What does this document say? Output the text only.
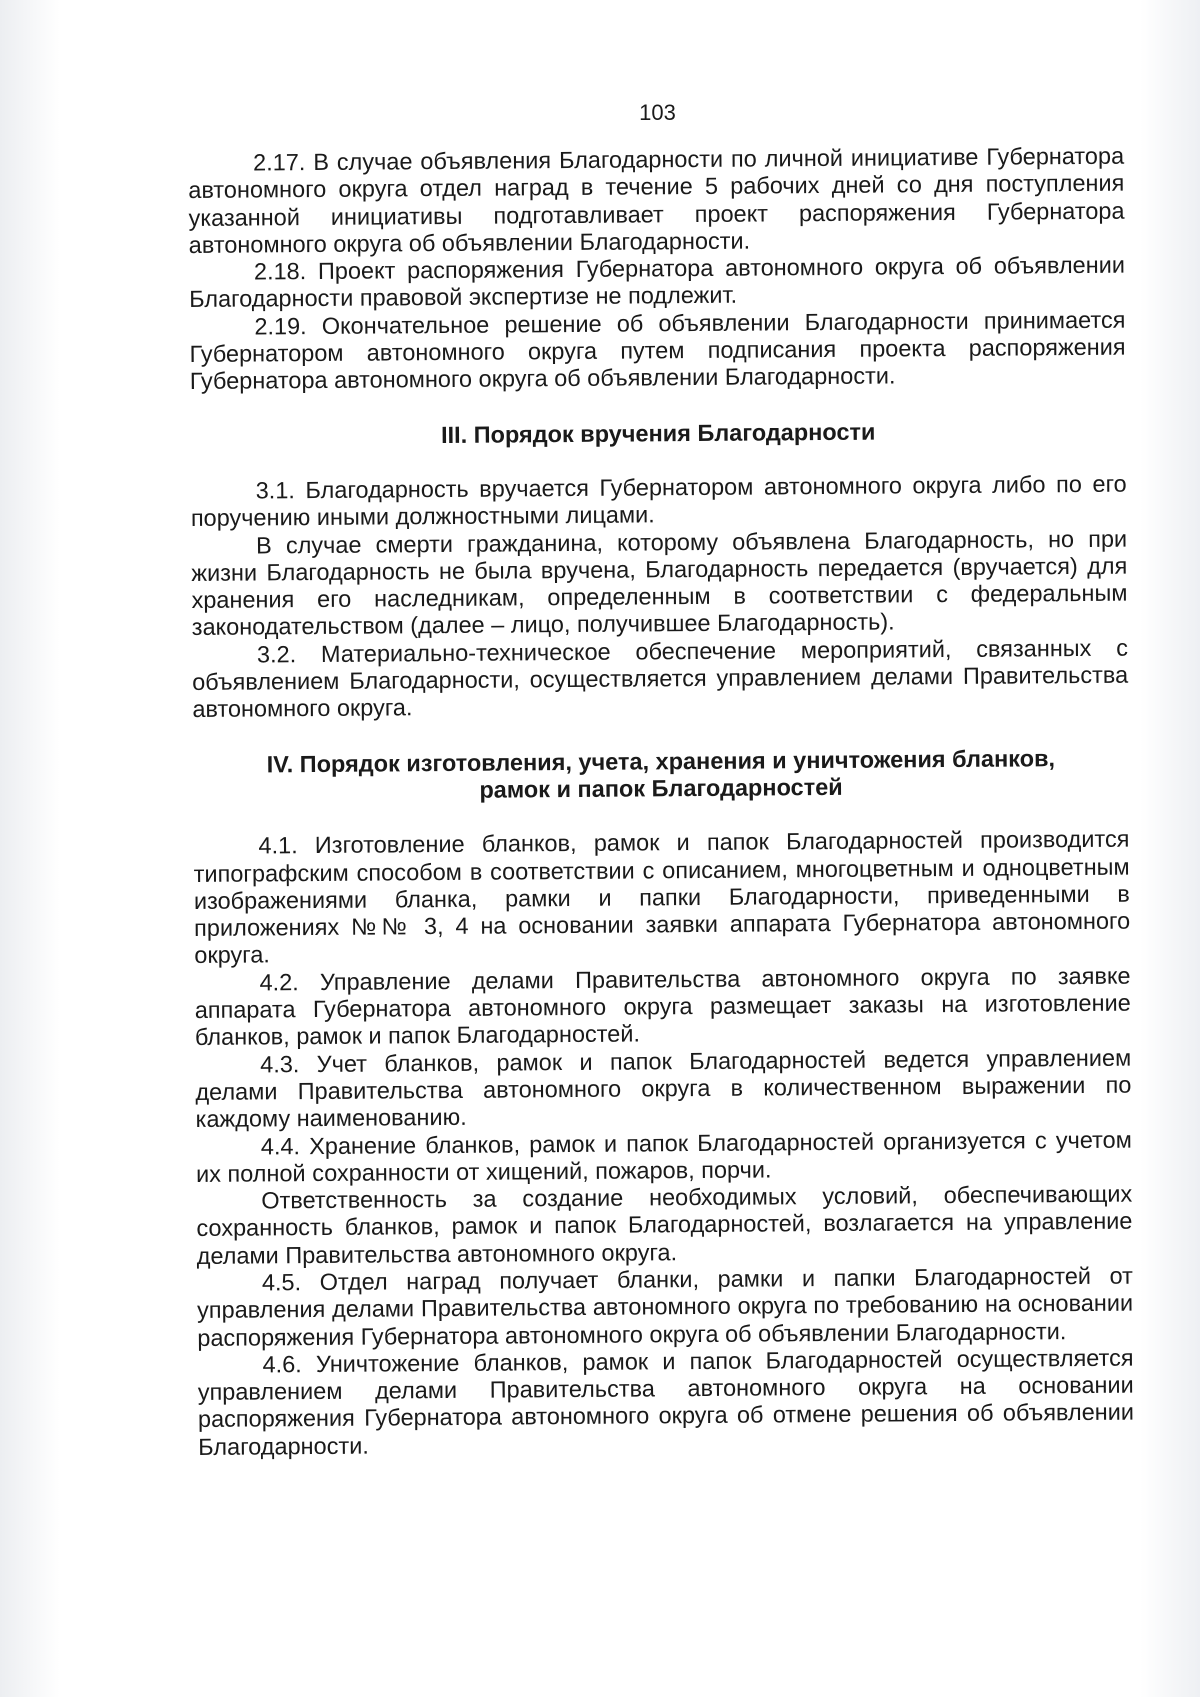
103

2.17. В случае объявления Благодарности по личной инициативе Губернатора автономного округа отдел наград в течение 5 рабочих дней со дня поступления указанной инициативы подготавливает проект распоряжения Губернатора автономного округа об объявлении Благодарности.

2.18. Проект распоряжения Губернатора автономного округа об объявлении Благодарности правовой экспертизе не подлежит.

2.19. Окончательное решение об объявлении Благодарности принимается Губернатором автономного округа путем подписания проекта распоряжения Губернатора автономного округа об объявлении Благодарности.

III. Порядок вручения Благодарности

3.1. Благодарность вручается Губернатором автономного округа либо по его поручению иными должностными лицами.

В случае смерти гражданина, которому объявлена Благодарность, но при жизни Благодарность не была вручена, Благодарность передается (вручается) для хранения его наследникам, определенным в соответствии с федеральным законодательством (далее – лицо, получившее Благодарность).

3.2. Материально-техническое обеспечение мероприятий, связанных с объявлением Благодарности, осуществляется управлением делами Правительства автономного округа.

IV. Порядок изготовления, учета, хранения и уничтожения бланков,

рамок и папок Благодарностей

4.1. Изготовление бланков, рамок и папок Благодарностей производится типографским способом в соответствии с описанием, многоцветным и одноцветным изображениями бланка, рамки и папки Благодарности, приведенными в приложениях №№ 3, 4 на основании заявки аппарата Губернатора автономного округа.

4.2. Управление делами Правительства автономного округа по заявке аппарата Губернатора автономного округа размещает заказы на изготовление бланков, рамок и папок Благодарностей.

4.3. Учет бланков, рамок и папок Благодарностей ведется управлением делами Правительства автономного округа в количественном выражении по каждому наименованию.

4.4. Хранение бланков, рамок и папок Благодарностей организуется с учетом их полной сохранности от хищений, пожаров, порчи.

Ответственность за создание необходимых условий, обеспечивающих сохранность бланков, рамок и папок Благодарностей, возлагается на управление делами Правительства автономного округа.

4.5. Отдел наград получает бланки, рамки и папки Благодарностей от управления делами Правительства автономного округа по требованию на основании распоряжения Губернатора автономного округа об объявлении Благодарности.

4.6. Уничтожение бланков, рамок и папок Благодарностей осуществляется управлением делами Правительства автономного округа на основании распоряжения Губернатора автономного округа об отмене решения об объявлении Благодарности.
